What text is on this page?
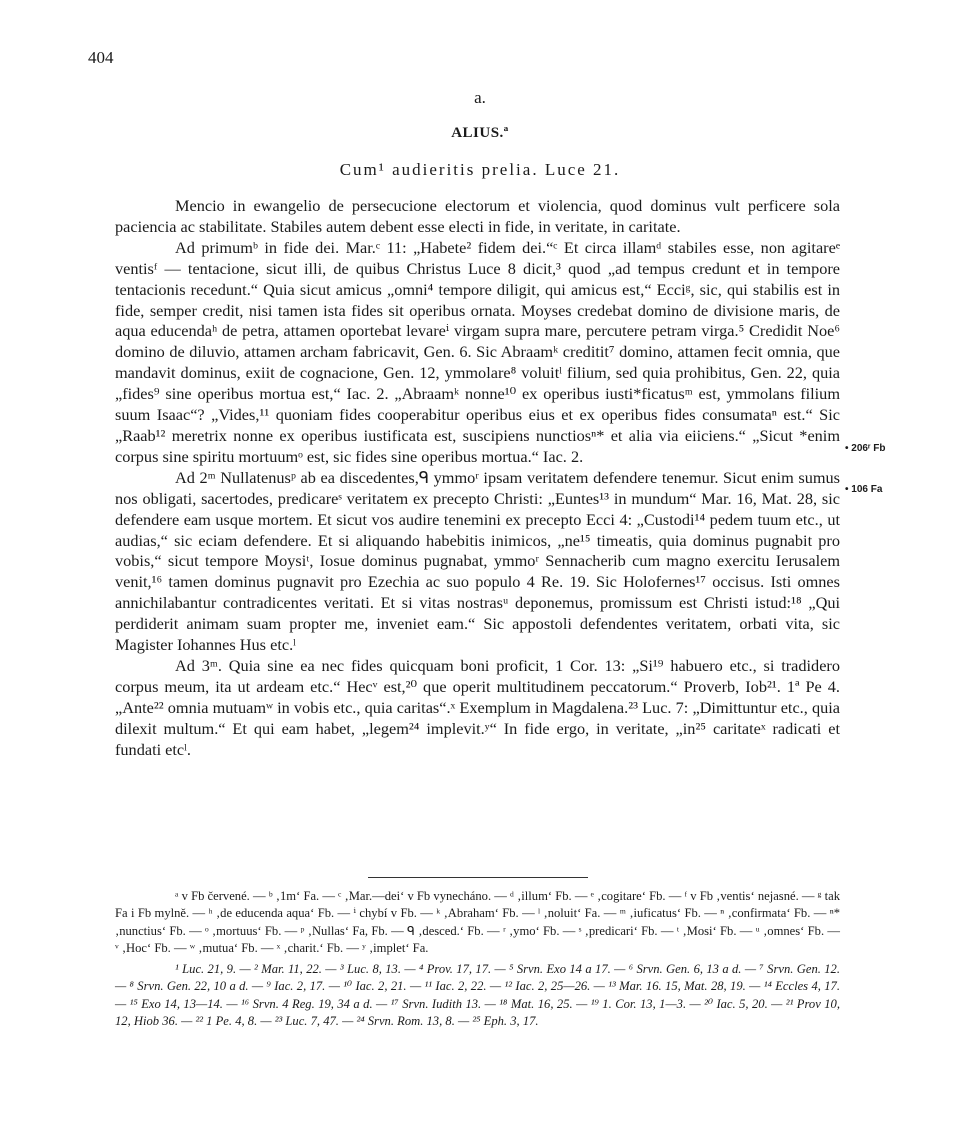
404
a.
ALIUS.ª
Cum¹ audieritis prelia. Luce 21.

Mencio in ewangelio de persecucione electorum et violencia, quod dominus vult perficere sola paciencia ac stabilitate. Stabiles autem debent esse electi in fide, in veritate, in caritate.

Ad primumᵇ in fide dei. Mar.ᶜ 11: „Habete² fidem dei.“ᶜ Et circa illamᵈ stabiles esse, non agitareᵉ ventisᶠ — tentacione, sicut illi, de quibus Christus Luce 8 dicit,³ quod „ad tempus credunt et in tempore tentacionis recedunt.“ Quia sicut amicus „omni⁴ tempore diligit, qui amicus est,“ Ecciᵍ, sic, qui stabilis est in fide, semper credit, nisi tamen ista fides sit operibus ornata. Moyses credebat domino de divisione maris, de aqua educendaʰ de petra, attamen oportebat levareⁱ virgam supra mare, percutere petram virga.⁵ Credidit Noe⁶ domino de diluvio, attamen archam fabricavit, Gen. 6. Sic Abraamᵏ creditit⁷ domino, attamen fecit omnia, que mandavit dominus, exiit de cognacione, Gen. 12, ymmolare⁸ voluitˡ filium, sed quia prohibitus, Gen. 22, quia „fides⁹ sine operibus mortua est,“ Iac. 2. „Abraamᵏ nonne¹⁰ ex operibus iusti*ficatusᵐ est, ymmolans filium suum Isaac“? „Vides,¹¹ quoniam fides cooperabitur operibus eius et ex operibus fides consumataⁿ est.“ Sic „Raab¹² meretrix nonne ex operibus iustificata est, suscipiens nunctiosⁿ* et alia via eiiciens.“ „Sicut *enim corpus sine spiritu mortuumᵒ est, sic fides sine operibus mortua.“ Iac. 2.

Ad 2ᵐ Nullatenusᵖ ab ea discedentes,ᑫ ymmoʳ ipsam veritatem defendere tenemur. Sicut enim sumus nos obligati, sacertodes, predicareˢ veritatem ex precepto Christi: „Euntes¹³ in mundum“ Mar. 16, Mat. 28, sic defendere eam usque mortem. Et sicut vos audire tenemini ex precepto Ecci 4: „Custodi¹⁴ pedem tuum etc., ut audias,“ sic eciam defendere. Et si aliquando habebitis inimicos, „ne¹⁵ timeatis, quia dominus pugnabit pro vobis,“ sicut tempore Moysiᵗ, Iosue dominus pugnabat, ymmoʳ Sennacherib cum magno exercitu Ierusalem venit,¹⁶ tamen dominus pugnavit pro Ezechia ac suo populo 4 Re. 19. Sic Holofernes¹⁷ occisus. Isti omnes annichilabantur contradicentes veritati. Et si vitas nostrasᵘ deponemus, promissum est Christi istud:¹⁸ „Qui perdiderit animam suam propter me, inveniet eam.“ Sic appostoli defendentes veritatem, orbati vita, sic Magister Iohannes Hus etc.ˡ

Ad 3ᵐ. Quia sine ea nec fides quicquam boni proficit, 1 Cor. 13: „Si¹⁹ habuero etc., si tradidero corpus meum, ita ut ardeam etc.“ Hecᵛ est,²⁰ que operit multitudinem peccatorum.“ Proverb, Iob²¹. 1ª Pe 4. „Ante²² omnia mutuamʷ in vobis etc., quia caritas“.ˣ Exemplum in Magdalena.²³ Luc. 7: „Dimittuntur etc., quia dilexit multum.“ Et qui eam habet, „legem²⁴ implevit.ʸ“ In fide ergo, in veritate, „in²⁵ caritateˣ radicati et fundati etcˡ.

• 206ʳ Fb
• 106 Fa

ᵃ v Fb červené. — ᵇ ‚1m‘ Fa. — ᶜ ‚Mar.—dei‘ v Fb vynecháno. — ᵈ ‚illum‘ Fb. — ᵉ ‚cogitare‘ Fb. — ᶠ v Fb ‚ventis‘ nejasné. — ᵍ tak Fa i Fb mylně. — ʰ ‚de educenda aqua‘ Fb. — ⁱ chybí v Fb. — ᵏ ‚Abraham‘ Fb. — ˡ ‚noluit‘ Fa. — ᵐ ‚iuficatus‘ Fb. — ⁿ ‚confirmata‘ Fb. — ⁿ* ‚nunctius‘ Fb. — ᵒ ‚mortuus‘ Fb. — ᵖ ‚Nullas‘ Fa, Fb. — ᑫ ‚desced.‘ Fb. — ʳ ‚ymo‘ Fb. — ˢ ‚predicari‘ Fb. — ᵗ ‚Mosi‘ Fb. — ᵘ ‚omnes‘ Fb. — ᵛ ‚Hoc‘ Fb. — ʷ ‚mutua‘ Fb. — ˣ ‚charit.‘ Fb. — ʸ ‚implet‘ Fa.

¹ Luc. 21, 9. — ² Mar. 11, 22. — ³ Luc. 8, 13. — ⁴ Prov. 17, 17. — ⁵ Srvn. Exo 14 a 17. — ⁶ Srvn. Gen. 6, 13 a d. — ⁷ Srvn. Gen. 12. — ⁸ Srvn. Gen. 22, 10 a d. — ⁹ Iac. 2, 17. — ¹⁰ Iac. 2, 21. — ¹¹ Iac. 2, 22. — ¹² Iac. 2, 25—26. — ¹³ Mar. 16. 15, Mat. 28, 19. — ¹⁴ Eccles 4, 17. — ¹⁵ Exo 14, 13—14. — ¹⁶ Srvn. 4 Reg. 19, 34 a d. — ¹⁷ Srvn. Iudith 13. — ¹⁸ Mat. 16, 25. — ¹⁹ 1. Cor. 13, 1—3. — ²⁰ Iac. 5, 20. — ²¹ Prov 10, 12, Hiob 36. — ²² 1 Pe. 4, 8. — ²³ Luc. 7, 47. — ²⁴ Srvn. Rom. 13, 8. — ²⁵ Eph. 3, 17.
